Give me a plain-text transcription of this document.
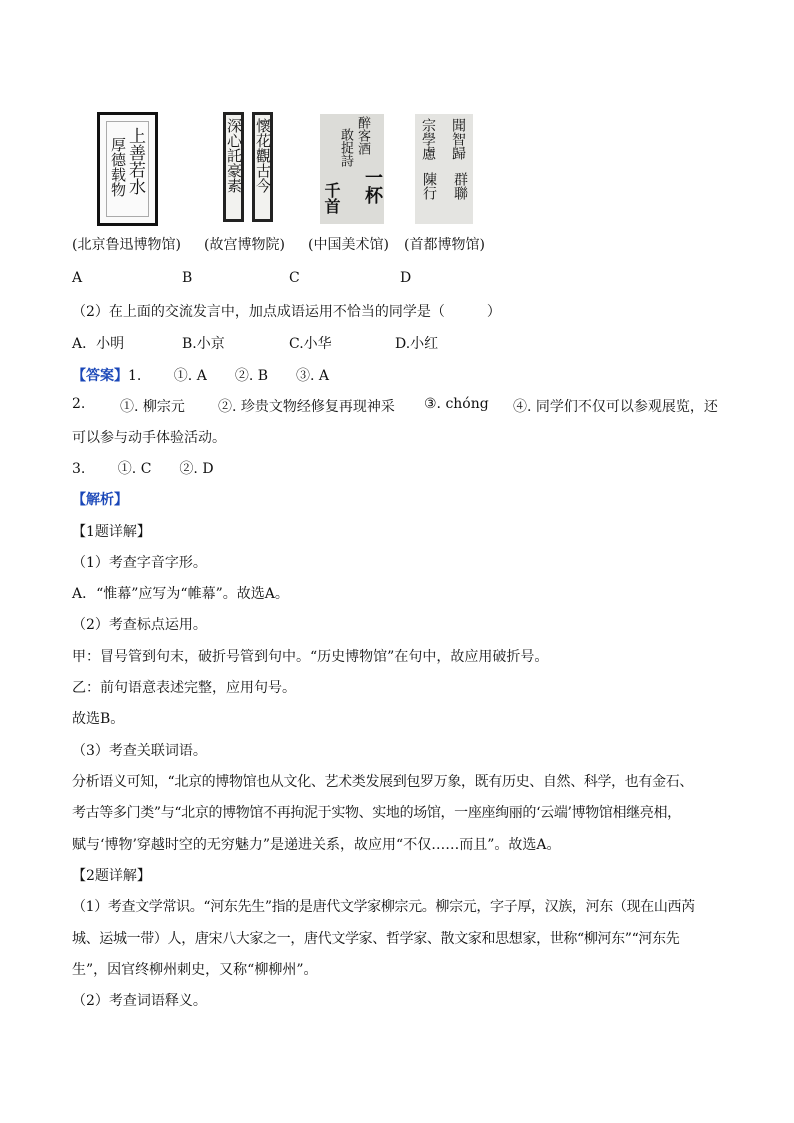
上善若水
厚德载物	深心託豪素 懷花觀古今	醉客酒
敢捉詩
一杯
千首
聞智歸
宗學慮
群聯
陳行
(北京鲁迅博物馆) (故宫博物院) (中国美术馆) (首都博物馆)
A	B	C	D
（2）在上面的交流发言中，加点成语运用不恰当的同学是（　　　）
A．小明	B.小京	C.小华	D.小红
【答案】1.　　 ①. A　　②. B　　③. A
2. ①. 柳宗元 ②. 珍贵文物经修复再现神采 ③. chóng ④. 同学们不仅可以参观展览，还
可以参与动手体验活动。
3.　　 ①. C　　②. D
【解析】
【1题详解】
（1）考查字音字形。
A．“惟幕”应写为“帷幕”。故选A。
（2）考查标点运用。
甲：冒号管到句末，破折号管到句中。“历史博物馆”在句中，故应用破折号。
乙：前句语意表述完整，应用句号。
故选B。
（3）考查关联词语。
分析语义可知，“北京的博物馆也从文化、艺术类发展到包罗万象，既有历史、自然、科学，也有金石、
考古等多门类”与“北京的博物馆不再拘泥于实物、实地的场馆，一座座绚丽的‘云端’博物馆相继亮相，
赋与‘博物’穿越时空的无穷魅力”是递进关系，故应用“不仅……而且”。故选A。
【2题详解】
（1）考查文学常识。“河东先生”指的是唐代文学家柳宗元。柳宗元，字子厚，汉族，河东（现在山西芮
城、运城一带）人，唐宋八大家之一，唐代文学家、哲学家、散文家和思想家，世称“柳河东”“河东先
生”，因官终柳州刺史，又称“柳柳州”。
（2）考查词语释义。
